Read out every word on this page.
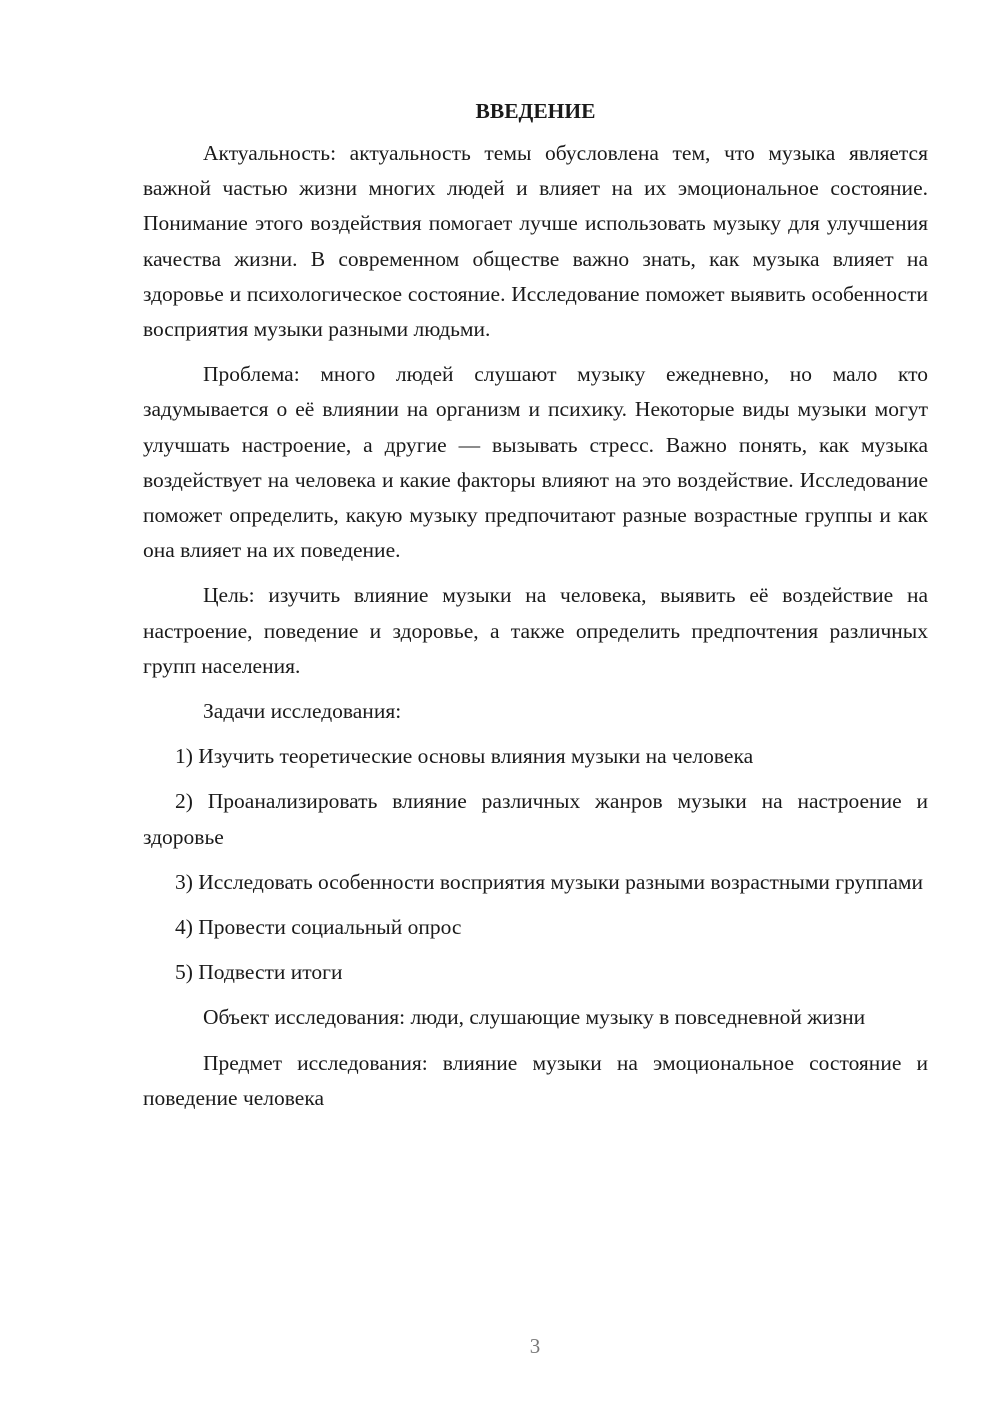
ВВЕДЕНИЕ

Актуальность: актуальность темы обусловлена тем, что музыка является важной частью жизни многих людей и влияет на их эмоциональное состояние. Понимание этого воздействия помогает лучше использовать музыку для улучшения качества жизни. В современном обществе важно знать, как музыка влияет на здоровье и психологическое состояние. Исследование поможет выявить особенности восприятия музыки разными людьми.

Проблема: много людей слушают музыку ежедневно, но мало кто задумывается о её влиянии на организм и психику. Некоторые виды музыки могут улучшать настроение, а другие — вызывать стресс. Важно понять, как музыка воздействует на человека и какие факторы влияют на это воздействие. Исследование поможет определить, какую музыку предпочитают разные возрастные группы и как она влияет на их поведение.

Цель: изучить влияние музыки на человека, выявить её воздействие на настроение, поведение и здоровье, а также определить предпочтения различных групп населения.

Задачи исследования:

1) Изучить теоретические основы влияния музыки на человека

2) Проанализировать влияние различных жанров музыки на настроение и здоровье

3) Исследовать особенности восприятия музыки разными возрастными группами

4) Провести социальный опрос

5) Подвести итоги

Объект исследования: люди, слушающие музыку в повседневной жизни

Предмет исследования: влияние музыки на эмоциональное состояние и поведение человека

3
